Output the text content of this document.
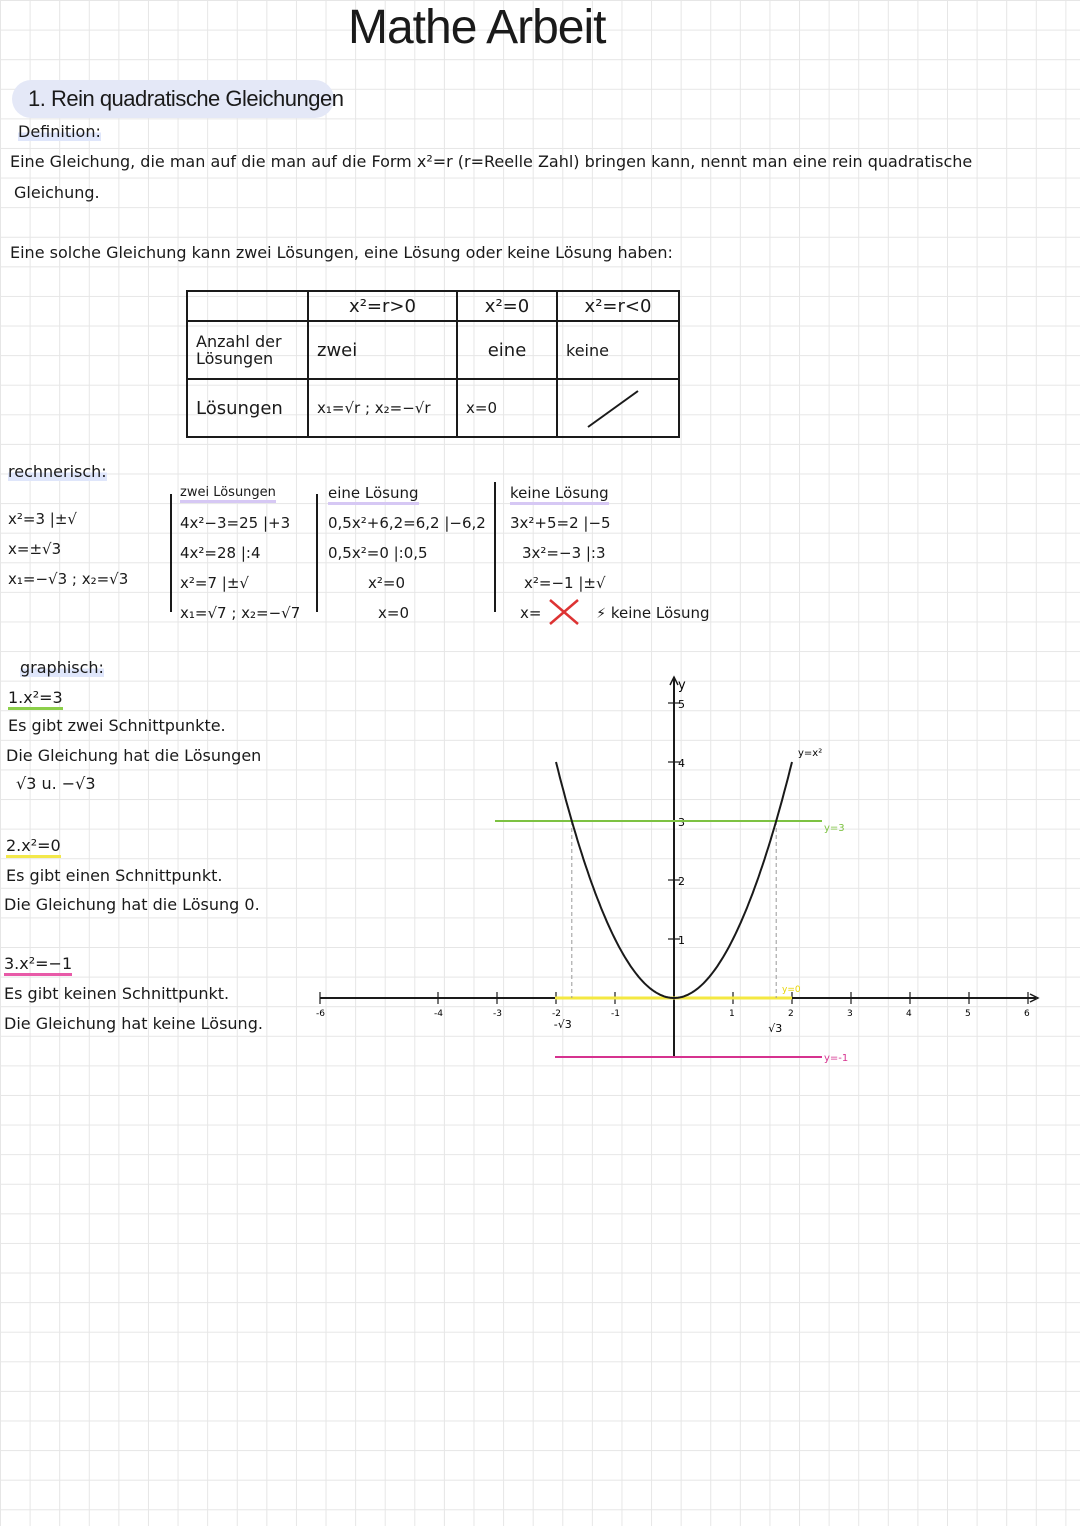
Mathe Arbeit
1. Rein quadratische Gleichungen
Definition:
Eine Gleichung, die man auf die man auf die Form x²=r (r=Reelle Zahl) bringen kann, nennt man eine rein quadratische
Gleichung.
Eine solche Gleichung kann zwei Lösungen, eine Lösung oder keine Lösung haben:
	x²=r>0	x²=0	x²=r<0
Anzahl der Lösungen	zwei	eine	keine
Lösungen	x₁=√r ; x₂=−√r	x=0	
rechnerisch:
x²=3 |±√
x=±√3
x₁=−√3 ; x₂=√3
zwei Lösungen
4x²−3=25 |+3
4x²=28 |:4
x²=7 |±√
x₁=√7 ; x₂=−√7
eine Lösung
0,5x²+6,2=6,2 |−6,2
0,5x²=0 |:0,5
x²=0
x=0
keine Lösung
3x²+5=2 |−5
3x²=−3 |:3
x²=−1 |±√
x=	⚡ keine Lösung
graphisch:
1.x²=3
Es gibt zwei Schnittpunkte.
Die Gleichung hat die Lösungen
√3 u. −√3
2.x²=0
Es gibt einen Schnittpunkt.
Die Gleichung hat die Lösung 0.
3.x²=−1
Es gibt keinen Schnittpunkt.
Die Gleichung hat keine Lösung.
y
-6	-4	-3	-2	-1	1	2	3	4	5	6
1
2
3
4
5
y=3
y=0
y=-1
-√3	√3
y=x²
